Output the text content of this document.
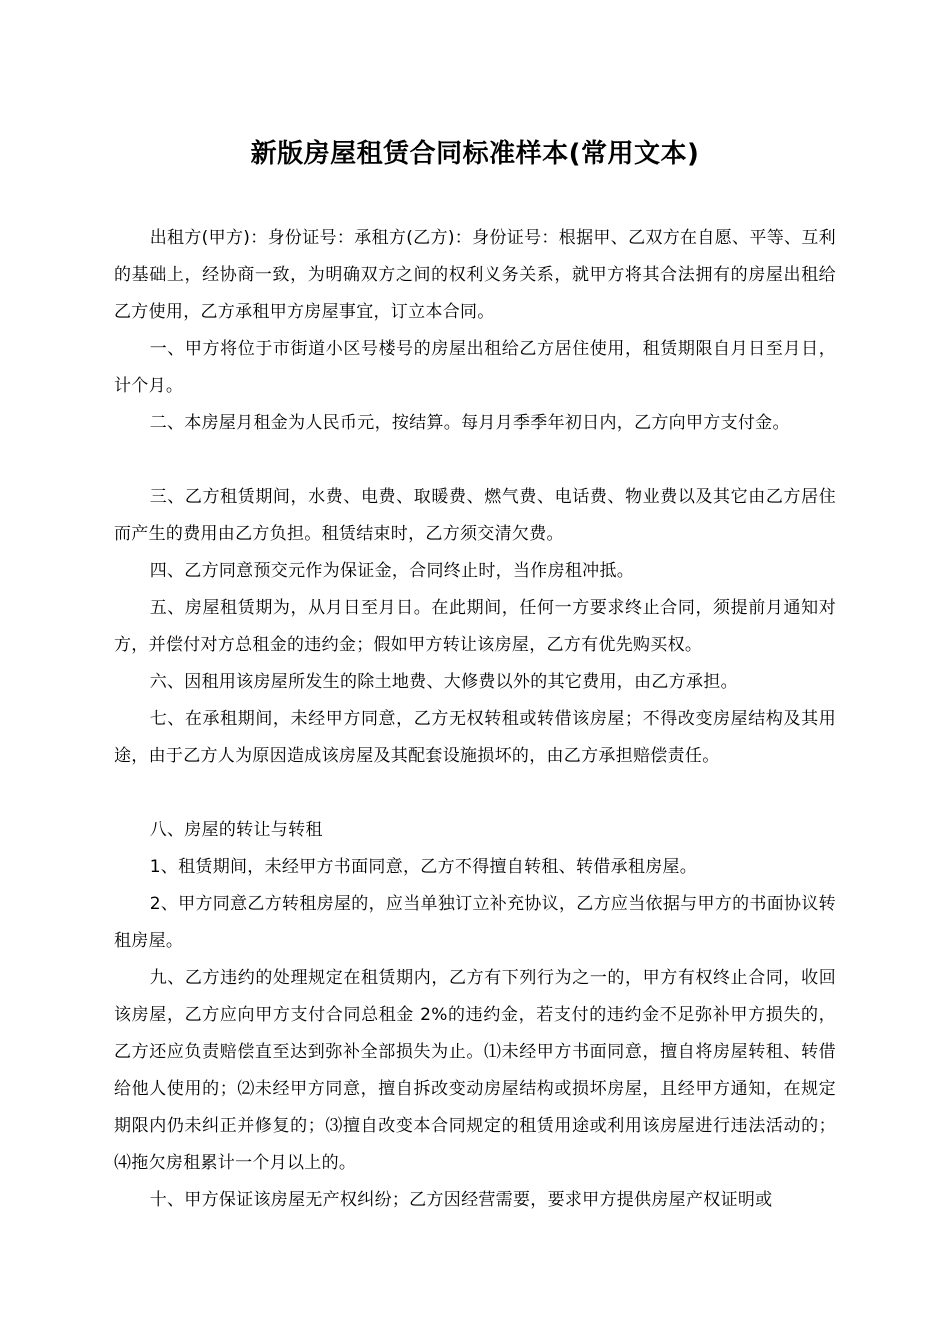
新版房屋租赁合同标准样本(常用文本)

出租方(甲方)：身份证号：承租方(乙方)：身份证号：根据甲、乙双方在自愿、平等、互利的基础上，经协商一致，为明确双方之间的权利义务关系，就甲方将其合法拥有的房屋出租给乙方使用，乙方承租甲方房屋事宜，订立本合同。

一、甲方将位于市街道小区号楼号的房屋出租给乙方居住使用，租赁期限自月日至月日，计个月。

二、本房屋月租金为人民币元，按结算。每月月季季年初日内，乙方向甲方支付金。

三、乙方租赁期间，水费、电费、取暖费、燃气费、电话费、物业费以及其它由乙方居住而产生的费用由乙方负担。租赁结束时，乙方须交清欠费。

四、乙方同意预交元作为保证金，合同终止时，当作房租冲抵。

五、房屋租赁期为，从月日至月日。在此期间，任何一方要求终止合同，须提前月通知对方，并偿付对方总租金的违约金；假如甲方转让该房屋，乙方有优先购买权。

六、因租用该房屋所发生的除土地费、大修费以外的其它费用，由乙方承担。

七、在承租期间，未经甲方同意，乙方无权转租或转借该房屋；不得改变房屋结构及其用途，由于乙方人为原因造成该房屋及其配套设施损坏的，由乙方承担赔偿责任。

八、房屋的转让与转租

1、租赁期间，未经甲方书面同意，乙方不得擅自转租、转借承租房屋。

2、甲方同意乙方转租房屋的，应当单独订立补充协议，乙方应当依据与甲方的书面协议转租房屋。

九、乙方违约的处理规定在租赁期内，乙方有下列行为之一的，甲方有权终止合同，收回该房屋，乙方应向甲方支付合同总租金 2%的违约金，若支付的违约金不足弥补甲方损失的，乙方还应负责赔偿直至达到弥补全部损失为止。⑴未经甲方书面同意，擅自将房屋转租、转借给他人使用的；⑵未经甲方同意，擅自拆改变动房屋结构或损坏房屋，且经甲方通知，在规定期限内仍未纠正并修复的；⑶擅自改变本合同规定的租赁用途或利用该房屋进行违法活动的；⑷拖欠房租累计一个月以上的。

十、甲方保证该房屋无产权纠纷；乙方因经营需要，要求甲方提供房屋产权证明或
